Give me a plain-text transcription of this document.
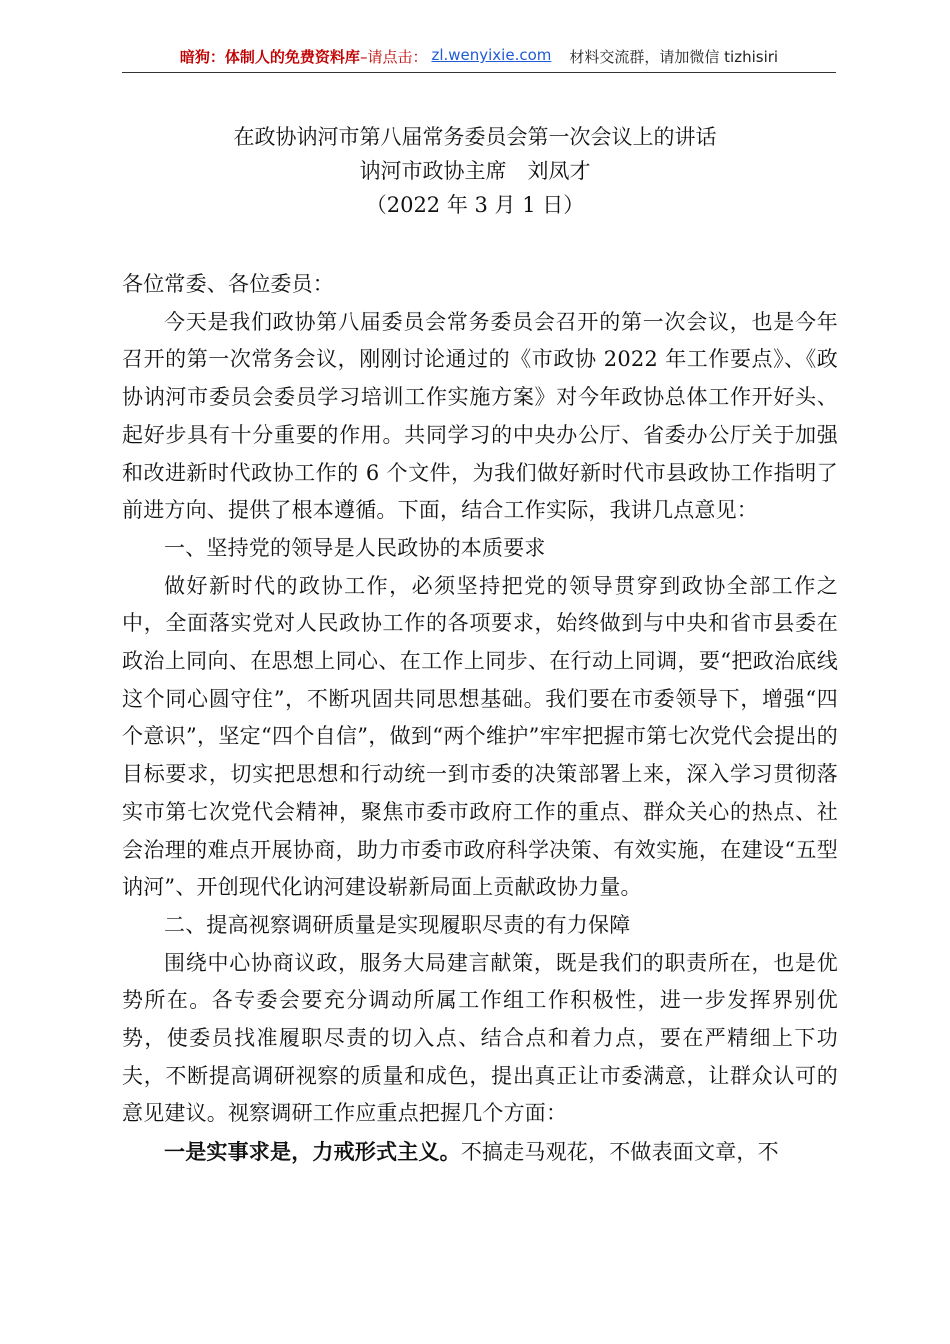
暗狗：体制人的免费资料库 –请点击： zl.wenyixie.com 材料交流群，请加微信 tizhisiri
在政协讷河市第八届常务委员会第一次会议上的讲话
讷河市政协主席　刘凤才
（2022 年 3 月 1 日）

各位常委、各位委员：

今天是我们政协第八届委员会常务委员会召开的第一次会议，也是今年召开的第一次常务会议，刚刚讨论通过的《市政协 2022 年工作要点》、《政协讷河市委员会委员学习培训工作实施方案》对今年政协总体工作开好头、起好步具有十分重要的作用。共同学习的中央办公厅、省委办公厅关于加强和改进新时代政协工作的 6 个文件，为我们做好新时代市县政协工作指明了前进方向、提供了根本遵循。下面，结合工作实际，我讲几点意见：

一、坚持党的领导是人民政协的本质要求

做好新时代的政协工作，必须坚持把党的领导贯穿到政协全部工作之中，全面落实党对人民政协工作的各项要求，始终做到与中央和省市县委在政治上同向、在思想上同心、在工作上同步、在行动上同调，要“把政治底线这个同心圆守住”，不断巩固共同思想基础。我们要在市委领导下，增强“四个意识”，坚定“四个自信”，做到“两个维护”牢牢把握市第七次党代会提出的目标要求，切实把思想和行动统一到市委的决策部署上来，深入学习贯彻落实市第七次党代会精神，聚焦市委市政府工作的重点、群众关心的热点、社会治理的难点开展协商，助力市委市政府科学决策、有效实施，在建设“五型讷河”、开创现代化讷河建设崭新局面上贡献政协力量。

二、提高视察调研质量是实现履职尽责的有力保障

围绕中心协商议政，服务大局建言献策，既是我们的职责所在，也是优势所在。各专委会要充分调动所属工作组工作积极性，进一步发挥界别优势，使委员找准履职尽责的切入点、结合点和着力点，要在严精细上下功夫，不断提高调研视察的质量和成色，提出真正让市委满意，让群众认可的意见建议。视察调研工作应重点把握几个方面：

一是实事求是，力戒形式主义。不搞走马观花，不做表面文章，不
